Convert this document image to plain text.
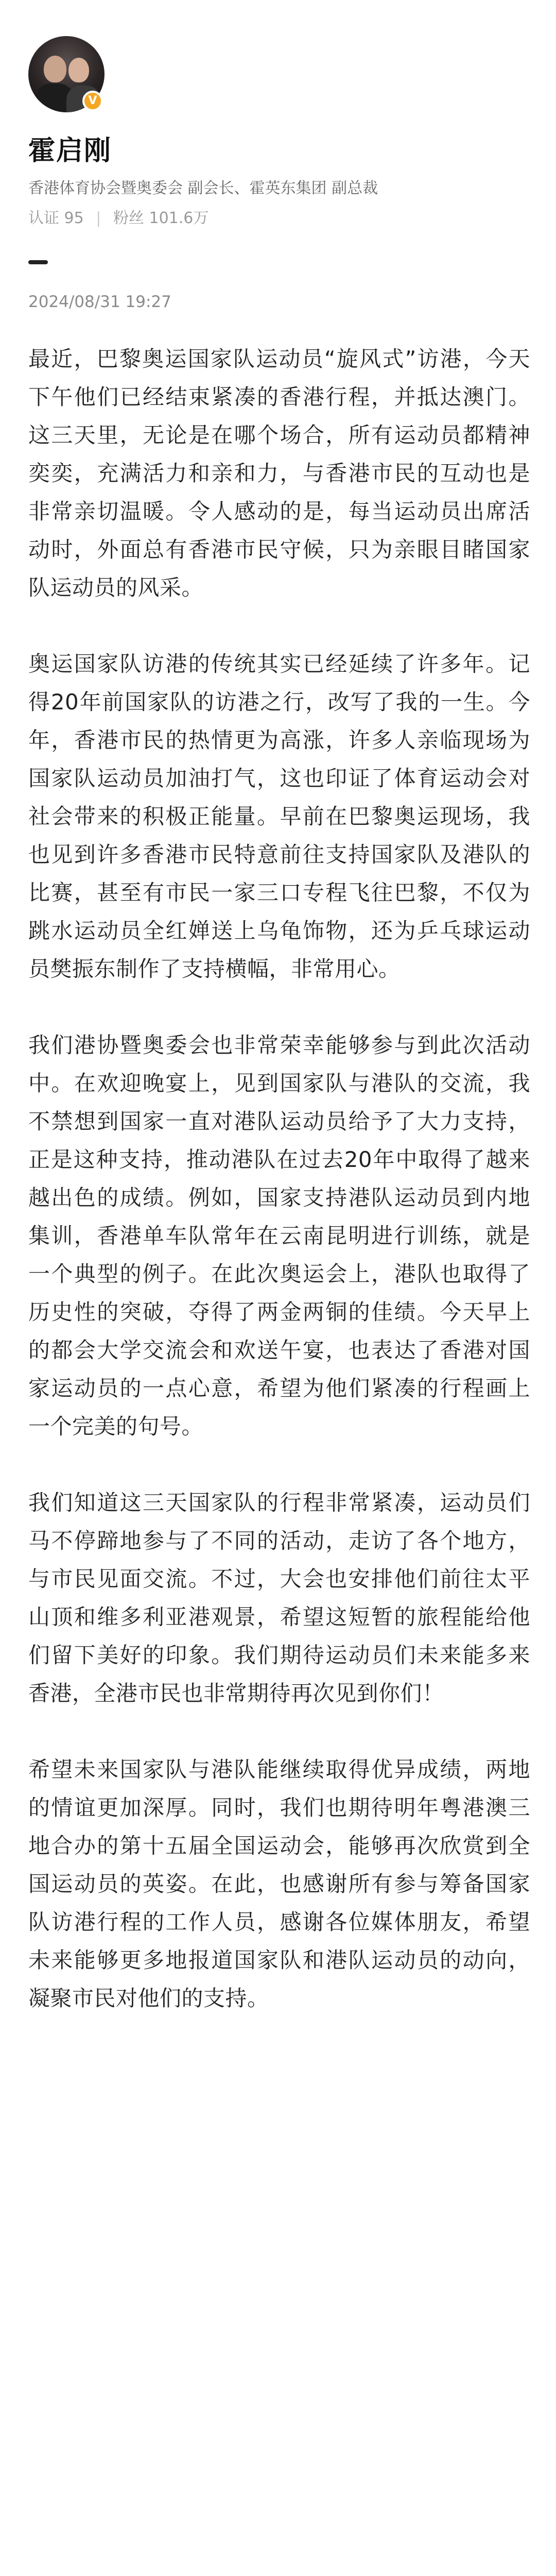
V
霍启刚
香港体育协会暨奥委会 副会长、霍英东集团 副总裁
认证 95 | 粉丝 101.6万
2024/08/31 19:27

最近，巴黎奥运国家队运动员“旋风式”访港，今天下午他们已经结束紧凑的香港行程，并抵达澳门。这三天里，无论是在哪个场合，所有运动员都精神奕奕，充满活力和亲和力，与香港市民的互动也是非常亲切温暖。令人感动的是，每当运动员出席活动时，外面总有香港市民守候，只为亲眼目睹国家队运动员的风采。

奥运国家队访港的传统其实已经延续了许多年。记得20年前国家队的访港之行，改写了我的一生。今年，香港市民的热情更为高涨，许多人亲临现场为国家队运动员加油打气，这也印证了体育运动会对社会带来的积极正能量。早前在巴黎奥运现场，我也见到许多香港市民特意前往支持国家队及港队的比赛，甚至有市民一家三口专程飞往巴黎，不仅为跳水运动员全红婵送上乌龟饰物，还为乒乓球运动员樊振东制作了支持横幅，非常用心。

我们港协暨奥委会也非常荣幸能够参与到此次活动中。在欢迎晚宴上，见到国家队与港队的交流，我不禁想到国家一直对港队运动员给予了大力支持，正是这种支持，推动港队在过去20年中取得了越来越出色的成绩。例如，国家支持港队运动员到内地集训，香港单车队常年在云南昆明进行训练，就是一个典型的例子。在此次奥运会上，港队也取得了历史性的突破，夺得了两金两铜的佳绩。今天早上的都会大学交流会和欢送午宴，也表达了香港对国家运动员的一点心意，希望为他们紧凑的行程画上一个完美的句号。

我们知道这三天国家队的行程非常紧凑，运动员们马不停蹄地参与了不同的活动，走访了各个地方，与市民见面交流。不过，大会也安排他们前往太平山顶和维多利亚港观景，希望这短暂的旅程能给他们留下美好的印象。我们期待运动员们未来能多来香港，全港市民也非常期待再次见到你们！

希望未来国家队与港队能继续取得优异成绩，两地的情谊更加深厚。同时，我们也期待明年粤港澳三地合办的第十五届全国运动会，能够再次欣赏到全国运动员的英姿。在此，也感谢所有参与筹备国家队访港行程的工作人员，感谢各位媒体朋友，希望未来能够更多地报道国家队和港队运动员的动向，凝聚市民对他们的支持。
